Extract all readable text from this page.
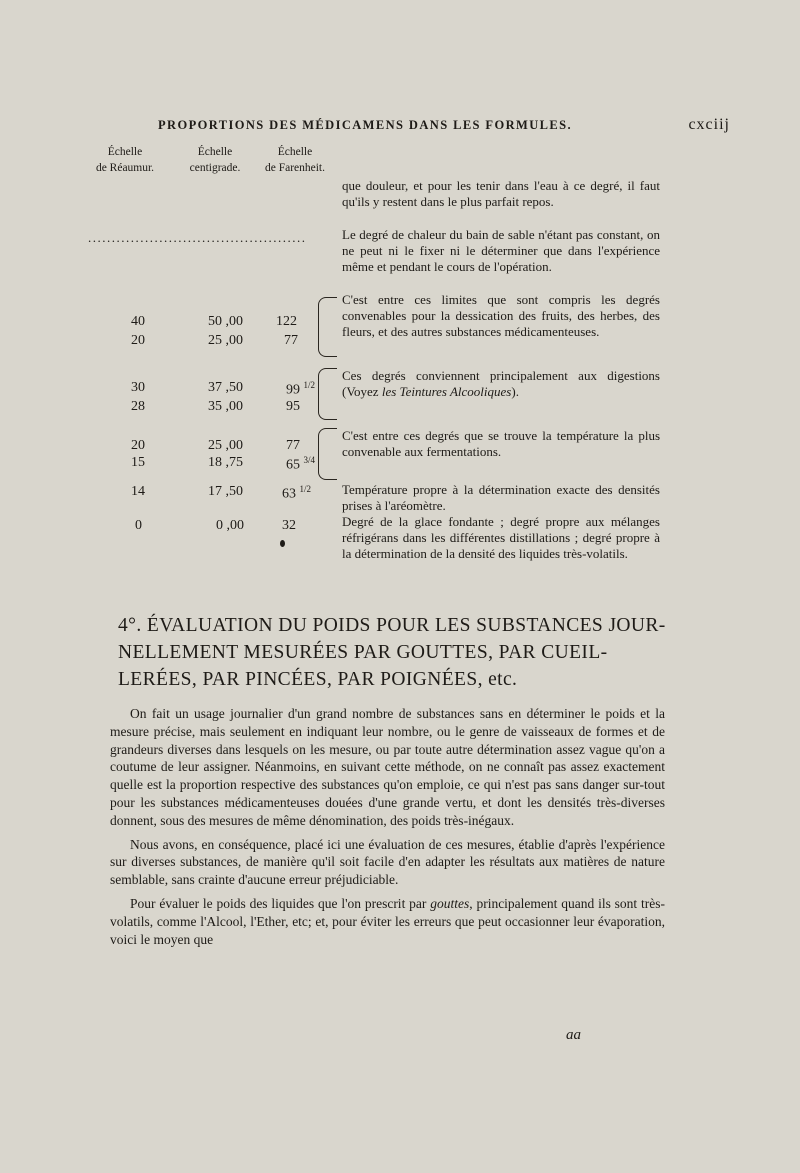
PROPORTIONS DES MÉDICAMENS DANS LES FORMULES.	cxciij
Échelle
de Réaumur.
Échelle
centigrade.
Échelle
de Farenheit.
que douleur, et pour les tenir dans l'eau à ce degré, il faut qu'ils y restent dans le plus parfait repos.
..............................................	Le degré de chaleur du bain de sable n'étant pas constant, on ne peut ni le fixer ni le déterminer que dans l'expérience même et pendant le cours de l'opération.
40	50 ,00 122
20	25 ,00	77
C'est entre ces limites que sont compris les degrés convenables pour la dessication des fruits, des herbes, des fleurs, et des autres substances médicamenteuses.
30	37 ,50	99 $^{1/2}$
28	35 ,00	95
Ces degrés conviennent principalement aux digestions (Voyez les Teintures Alcooliques).
20	25 ,00	77
15	18 ,75	65 $^{3/4}$
C'est entre ces degrés que se trouve la température la plus convenable aux fermentations.
14	17 ,50	63 $^{1/2}$ Température propre à la détermination exacte des densités prises à l'aréomètre.
0	0 ,00	32	Degré de la glace fondante ; degré propre aux mélanges réfrigérans dans les différentes distillations ; degré propre à la détermination de la densité des liquides très-volatils.
4°. ÉVALUATION DU POIDS POUR LES SUBSTANCES JOUR-
NELLEMENT MESURÉES PAR GOUTTES, PAR CUEIL-
LERÉES, PAR PINCÉES, PAR POIGNÉES, etc.

On fait un usage journalier d'un grand nombre de substances sans en déterminer le poids et la mesure précise, mais seulement en indiquant leur nombre, ou le genre de vaisseaux de formes et de grandeurs diverses dans lesquels on les mesure, ou par toute autre détermination assez vague qu'on a coutume de leur assigner. Néanmoins, en suivant cette méthode, on ne connaît pas assez exactement quelle est la proportion respective des substances qu'on emploie, ce qui n'est pas sans danger sur-tout pour les substances médicamenteuses douées d'une grande vertu, et dont les densités très-diverses donnent, sous des mesures de même dénomination, des poids très-inégaux.

Nous avons, en conséquence, placé ici une évaluation de ces mesures, établie d'après l'expérience sur diverses substances, de manière qu'il soit facile d'en adapter les résultats aux matières de nature semblable, sans crainte d'aucune erreur préjudiciable.

Pour évaluer le poids des liquides que l'on prescrit par gouttes, principalement quand ils sont très-volatils, comme l'Alcool, l'Ether, etc; et, pour éviter les erreurs que peut occasionner leur évaporation, voici le moyen que

aa
